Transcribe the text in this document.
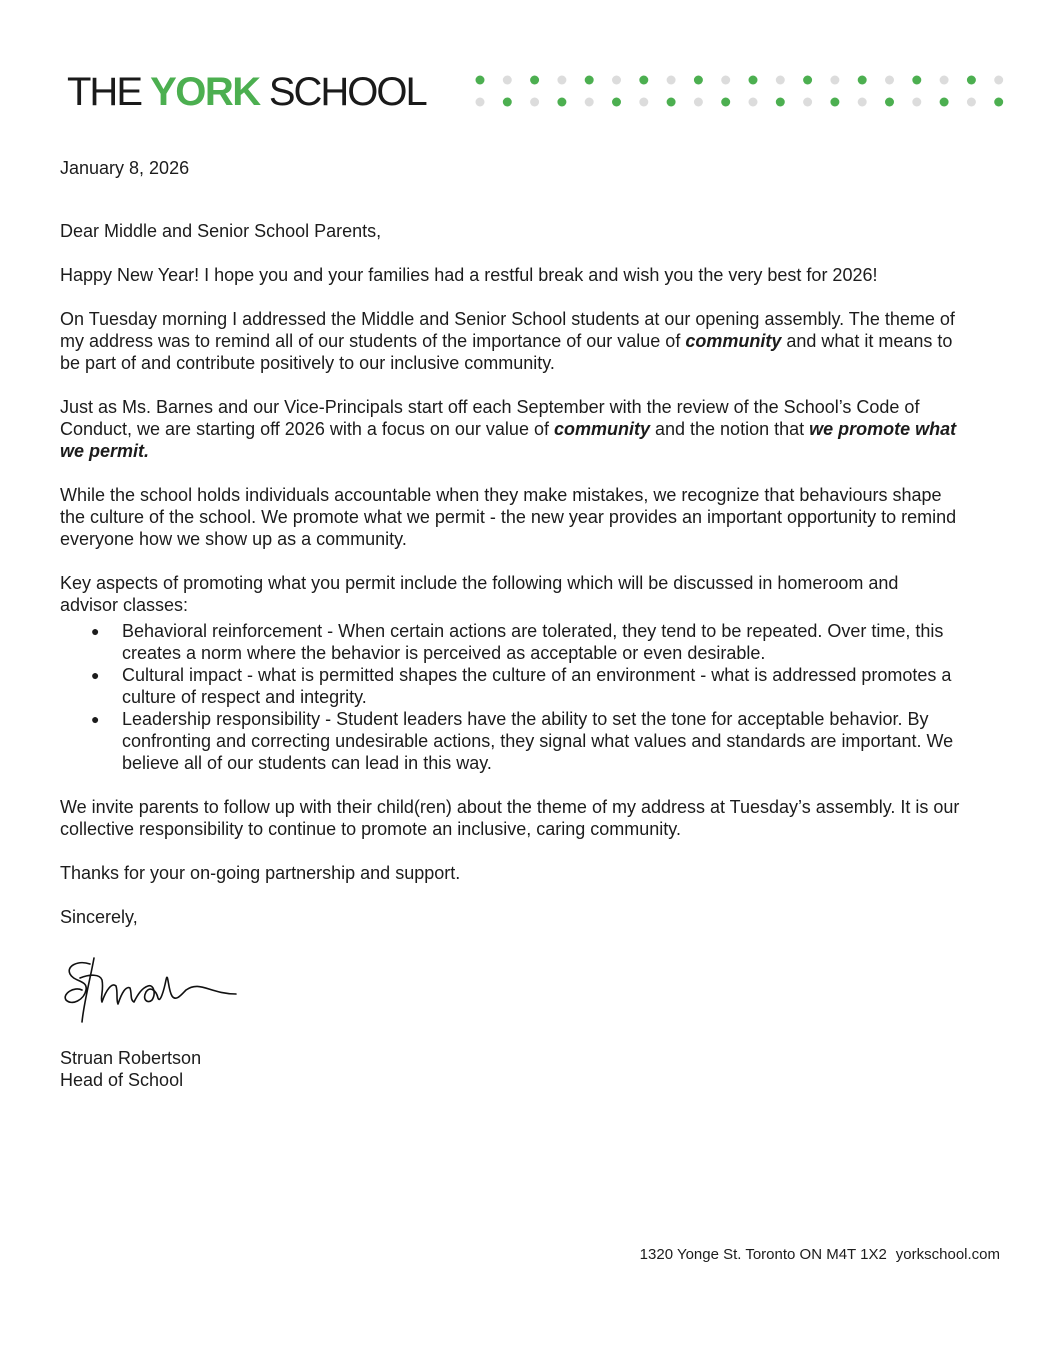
THE YORK SCHOOL

January 8, 2026

Dear Middle and Senior School Parents,

Happy New Year! I hope you and your families had a restful break and wish you the very best for 2026!

On Tuesday morning I addressed the Middle and Senior School students at our opening assembly. The theme of my address was to remind all of our students of the importance of our value of community and what it means to be part of and contribute positively to our inclusive community.

Just as Ms. Barnes and our Vice-Principals start off each September with the review of the School’s Code of Conduct, we are starting off 2026 with a focus on our value of community and the notion that we promote what we permit.

While the school holds individuals accountable when they make mistakes, we recognize that behaviours shape the culture of the school. We promote what we permit - the new year provides an important opportunity to remind everyone how we show up as a community.

Key aspects of promoting what you permit include the following which will be discussed in homeroom and advisor classes:

● Behavioral reinforcement - When certain actions are tolerated, they tend to be repeated. Over time, this creates a norm where the behavior is perceived as acceptable or even desirable.
● Cultural impact - what is permitted shapes the culture of an environment - what is addressed promotes a culture of respect and integrity.
● Leadership responsibility - Student leaders have the ability to set the tone for acceptable behavior. By confronting and correcting undesirable actions, they signal what values and standards are important. We believe all of our students can lead in this way.

We invite parents to follow up with their child(ren) about the theme of my address at Tuesday’s assembly. It is our collective responsibility to continue to promote an inclusive, caring community.

Thanks for your on-going partnership and support.

Sincerely,

Struan Robertson
Head of School
1320 Yonge St. Toronto ON M4T 1X2 yorkschool.com
